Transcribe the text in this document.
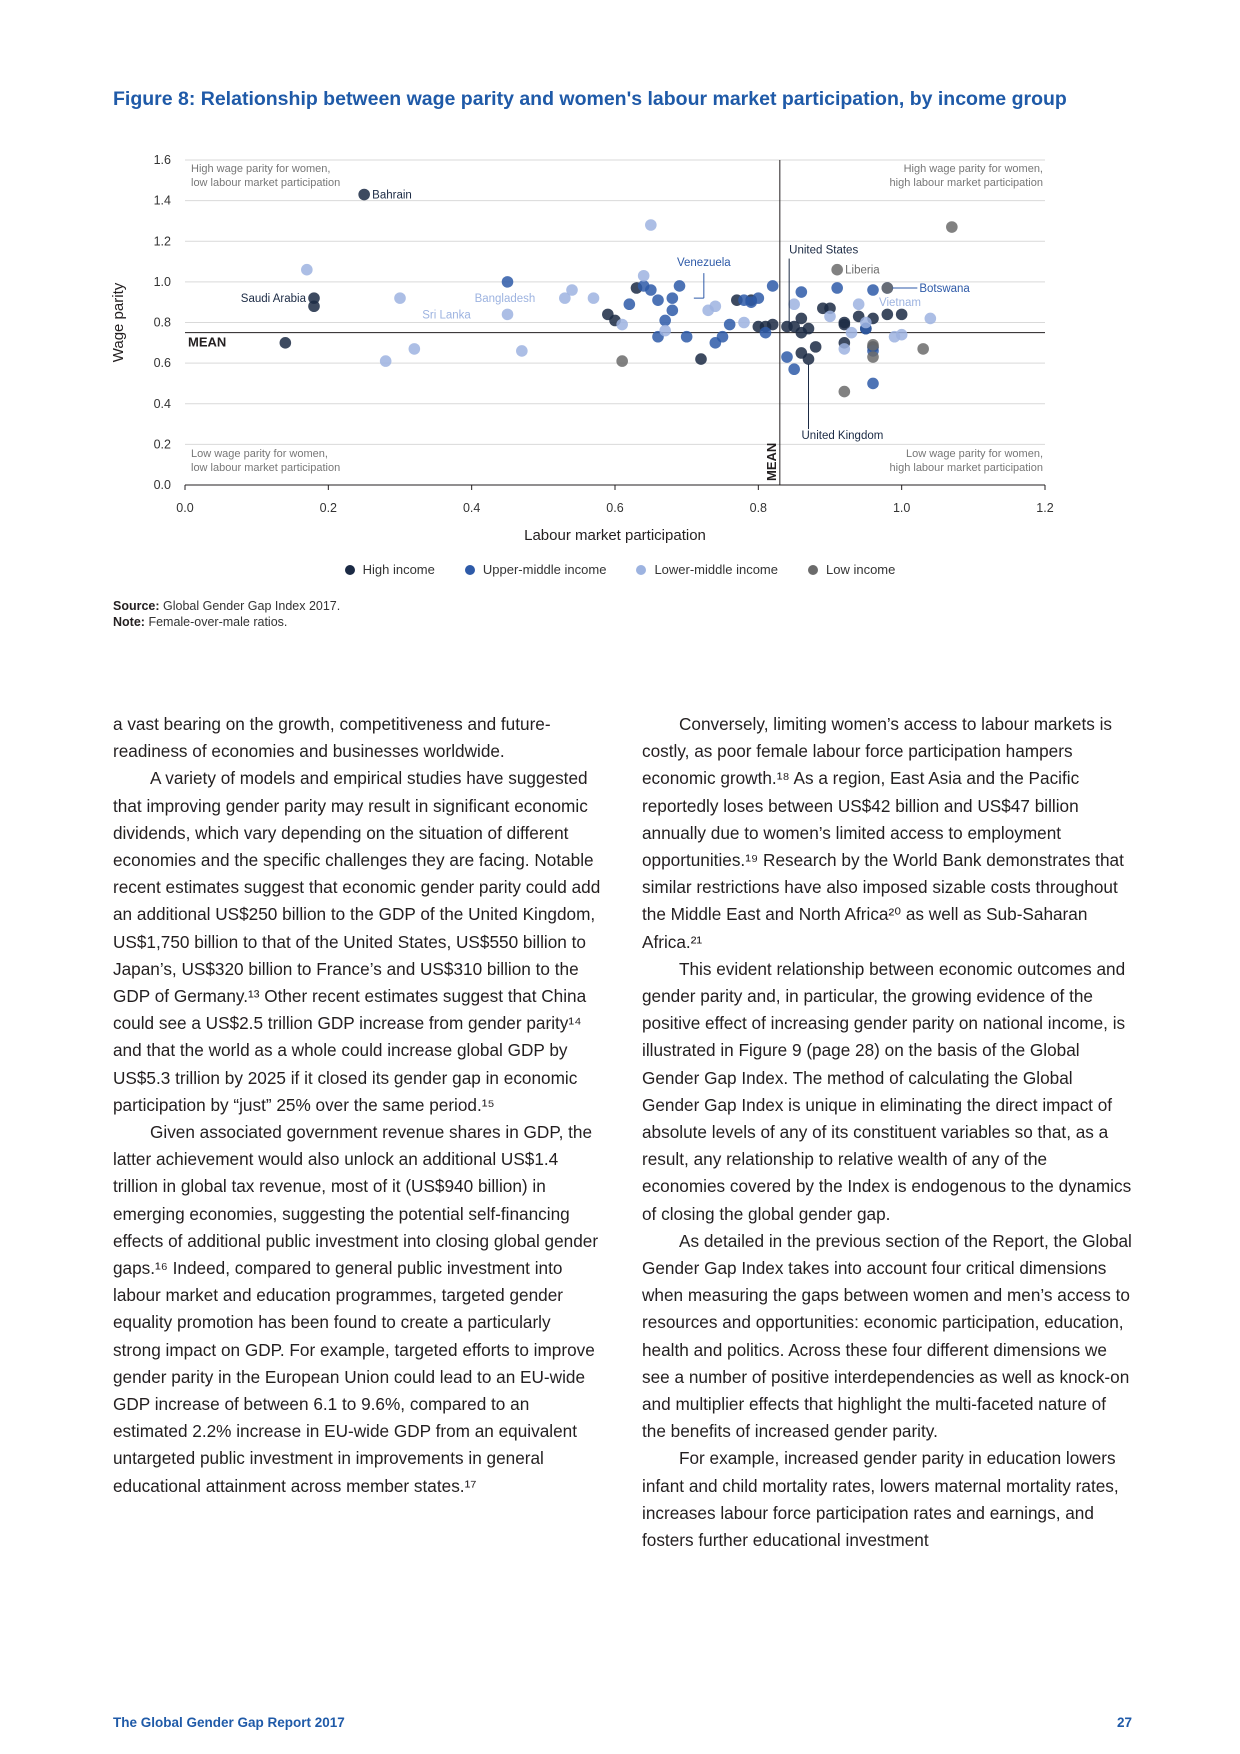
Figure 8: Relationship between wage parity and women's labour market participation, by income group
0.0
0.2
0.4
0.6
0.8
1.0
1.2
1.4
1.6
0.0	0.2	0.4	0.6	0.8	1.0	1.2
Labour market participation
Wage parity
High wage parity for women,
low labour market participation
High wage parity for women,
high labour market participation
Low wage parity for women,
low labour market participation
Low wage parity for women,
high labour market participation
MEAN
MEAN
Bahrain
Saudi Arabia	Bangladesh
Sri Lanka
Venezuela
United States
Liberia
Botswana
Vietnam
United Kingdom
High income	Upper-middle income	Lower-middle income	Low income
Source: Global Gender Gap Index 2017.
Note: Female-over-male ratios.

a vast bearing on the growth, competitiveness and future-readiness of economies and businesses worldwide.

A variety of models and empirical studies have suggested that improving gender parity may result in significant economic dividends, which vary depending on the situation of different economies and the specific challenges they are facing. Notable recent estimates suggest that economic gender parity could add an additional US$250 billion to the GDP of the United Kingdom, US$1,750 billion to that of the United States, US$550 billion to Japan’s, US$320 billion to France’s and US$310 billion to the GDP of Germany.¹³ Other recent estimates suggest that China could see a US$2.5 trillion GDP increase from gender parity¹⁴ and that the world as a whole could increase global GDP by US$5.3 trillion by 2025 if it closed its gender gap in economic participation by “just” 25% over the same period.¹⁵

Given associated government revenue shares in GDP, the latter achievement would also unlock an additional US$1.4 trillion in global tax revenue, most of it (US$940 billion) in emerging economies, suggesting the potential self-financing effects of additional public investment into closing global gender gaps.¹⁶ Indeed, compared to general public investment into labour market and education programmes, targeted gender equality promotion has been found to create a particularly strong impact on GDP. For example, targeted efforts to improve gender parity in the European Union could lead to an EU-wide GDP increase of between 6.1 to 9.6%, compared to an estimated 2.2% increase in EU-wide GDP from an equivalent untargeted public investment in improvements in general educational attainment across member states.¹⁷

Conversely, limiting women’s access to labour markets is costly, as poor female labour force participation hampers economic growth.¹⁸ As a region, East Asia and the Pacific reportedly loses between US$42 billion and US$47 billion annually due to women’s limited access to employment opportunities.¹⁹ Research by the World Bank demonstrates that similar restrictions have also imposed sizable costs throughout the Middle East and North Africa²⁰ as well as Sub-Saharan Africa.²¹

This evident relationship between economic outcomes and gender parity and, in particular, the growing evidence of the positive effect of increasing gender parity on national income, is illustrated in Figure 9 (page 28) on the basis of the Global Gender Gap Index. The method of calculating the Global Gender Gap Index is unique in eliminating the direct impact of absolute levels of any of its constituent variables so that, as a result, any relationship to relative wealth of any of the economies covered by the Index is endogenous to the dynamics of closing the global gender gap.

As detailed in the previous section of the Report, the Global Gender Gap Index takes into account four critical dimensions when measuring the gaps between women and men’s access to resources and opportunities: economic participation, education, health and politics. Across these four different dimensions we see a number of positive interdependencies as well as knock-on and multiplier effects that highlight the multi-faceted nature of the benefits of increased gender parity.

For example, increased gender parity in education lowers infant and child mortality rates, lowers maternal mortality rates, increases labour force participation rates and earnings, and fosters further educational investment

The Global Gender Gap Report 2017	27
